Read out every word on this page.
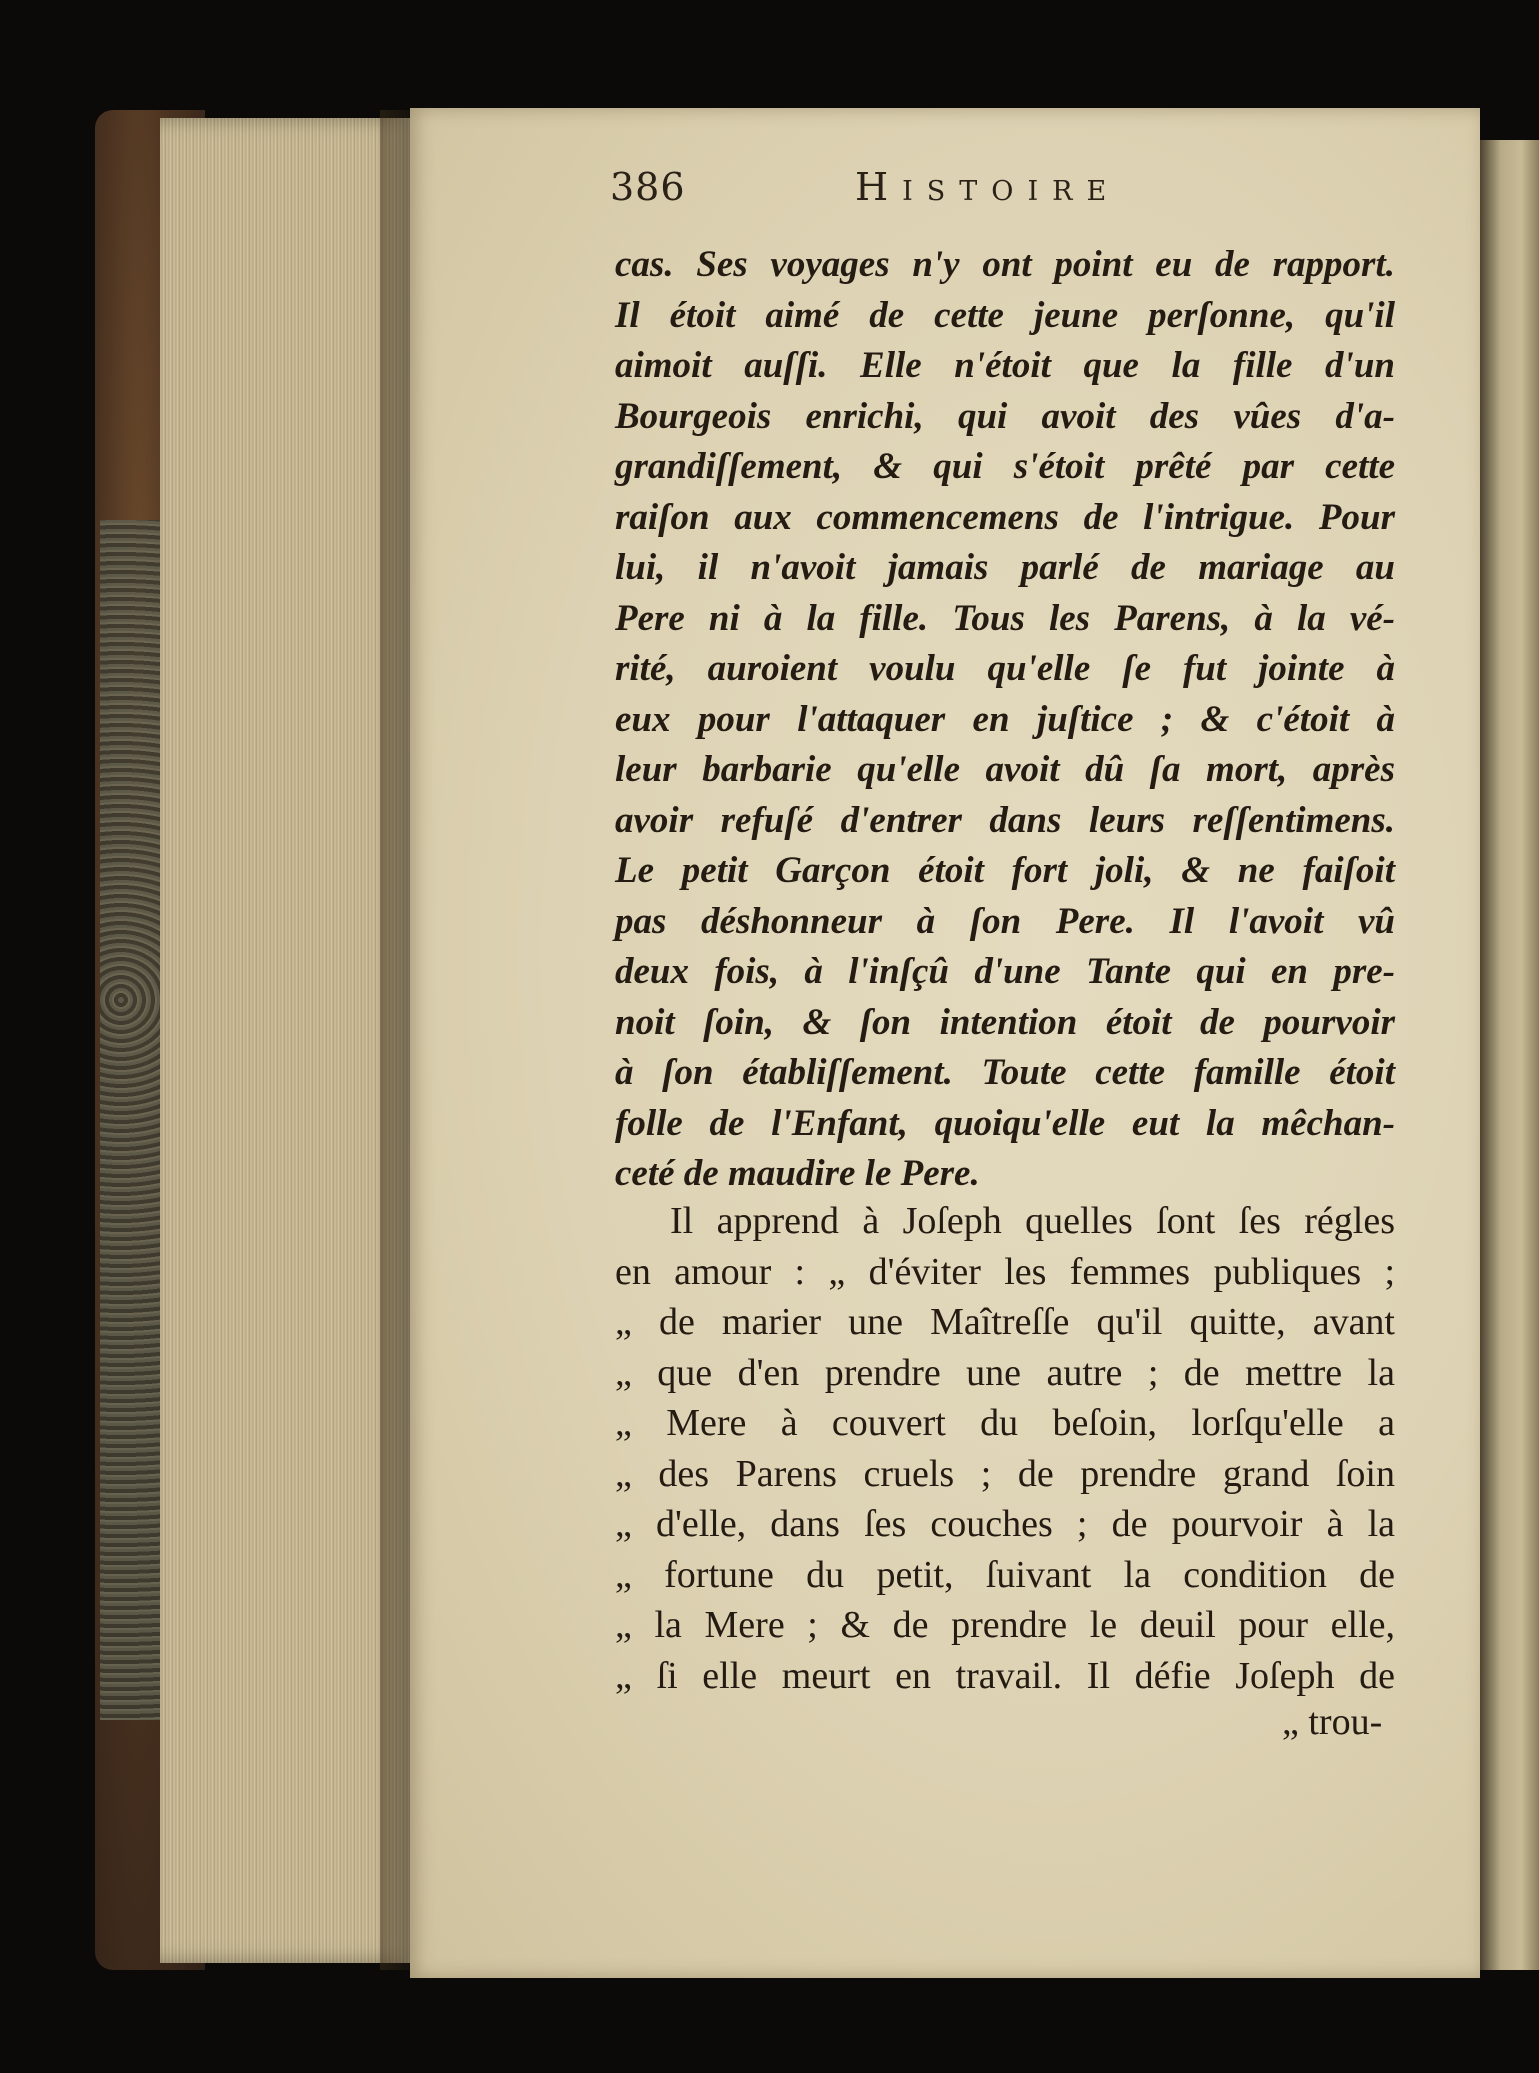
386	Histoire
cas. Ses voyages n'y ont point eu de rapport.
Il étoit aimé de cette jeune perſonne, qu'il
aimoit auſſi. Elle n'étoit que la fille d'un
Bourgeois enrichi, qui avoit des vûes d'a-
grandiſſement, & qui s'étoit prêté par cette
raiſon aux commencemens de l'intrigue. Pour
lui, il n'avoit jamais parlé de mariage au
Pere ni à la fille. Tous les Parens, à la vé-
rité, auroient voulu qu'elle ſe fut jointe à
eux pour l'attaquer en juſtice ; & c'étoit à
leur barbarie qu'elle avoit dû ſa mort, après
avoir refuſé d'entrer dans leurs reſſentimens.
Le petit Garçon étoit fort joli, & ne faiſoit
pas déshonneur à ſon Pere. Il l'avoit vû
deux fois, à l'inſçû d'une Tante qui en pre-
noit ſoin, & ſon intention étoit de pourvoir
à ſon établiſſement. Toute cette famille étoit
folle de l'Enfant, quoiqu'elle eut la mêchan-
ceté de maudire le Pere.
Il apprend à Joſeph quelles ſont ſes régles
en amour : „ d'éviter les femmes publiques ;
„ de marier une Maîtreſſe qu'il quitte, avant
„ que d'en prendre une autre ; de mettre la
„ Mere à couvert du beſoin, lorſqu'elle a
„ des Parens cruels ; de prendre grand ſoin
„ d'elle, dans ſes couches ; de pourvoir à la
„ fortune du petit, ſuivant la condition de
„ la Mere ; & de prendre le deuil pour elle,
„ ſi elle meurt en travail. Il défie Joſeph de
„ trou-
